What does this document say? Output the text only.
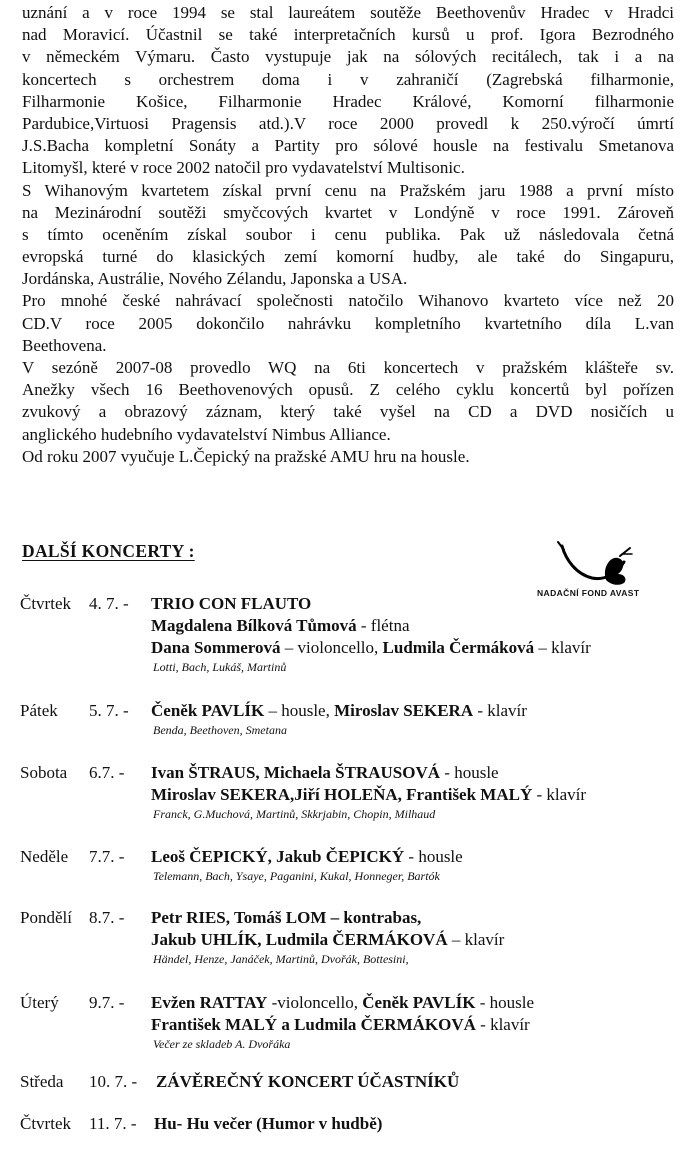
uznání a v roce 1994 se stal laureátem soutěže Beethovenův Hradec v Hradci
nad Moravicí. Účastnil se také interpretačních kursů u prof. Igora Bezrodného
v německém Výmaru. Často vystupuje jak na sólových recitálech, tak i a na
koncertech s orchestrem doma i v zahraničí (Zagrebská filharmonie,
Filharmonie Košice, Filharmonie Hradec Králové, Komorní filharmonie
Pardubice,Virtuosi Pragensis atd.).V roce 2000 provedl k 250.výročí úmrtí
J.S.Bacha kompletní Sonáty a Partity pro sólové housle na festivalu Smetanova
Litomyšl, které v roce 2002 natočil pro vydavatelství Multisonic.
S Wihanovým kvartetem získal první cenu na Pražském jaru 1988 a první místo
na Mezinárodní soutěži smyčcových kvartet v Londýně v roce 1991. Zároveň
s tímto oceněním získal soubor i cenu publika. Pak už následovala četná
evropská turné do klasických zemí komorní hudby, ale také do Singapuru,
Jordánska, Austrálie, Nového Zélandu, Japonska a USA.
Pro mnohé české nahrávací společnosti natočilo Wihanovo kvarteto více než 20
CD.V roce 2005 dokončilo nahrávku kompletního kvartetního díla L.van
Beethovena.
V sezóně 2007-08 provedlo WQ na 6ti koncertech v pražském klášteře sv.
Anežky všech 16 Beethovenových opusů. Z celého cyklu koncertů byl pořízen
zvukový a obrazový záznam, který také vyšel na CD a DVD nosičích u
anglického hudebního vydavatelství Nimbus Alliance.
Od roku 2007 vyučuje L.Čepický na pražské AMU hru na housle.
DALŠÍ KONCERTY :
NADAČNÍ FOND AVAST
Čtvrtek 4. 7. - TRIO CON FLAUTO
Magdalena Bílková Tůmová - flétna
Dana Sommerová – violoncello, Ludmila Čermáková – klavír
Lotti, Bach, Lukáš, Martinů
Pátek 5. 7. - Čeněk PAVLÍK – housle, Miroslav SEKERA - klavír
Benda, Beethoven, Smetana
Sobota 6.7. - Ivan ŠTRAUS, Michaela ŠTRAUSOVÁ - housle
Miroslav SEKERA,Jiří HOLEŇA, František MALÝ - klavír
Franck, G.Muchová, Martinů, Skkrjabin, Chopin, Milhaud
Neděle 7.7. - Leoš ČEPICKÝ, Jakub ČEPICKÝ - housle
Telemann, Bach, Ysaye, Paganini, Kukal, Honneger, Bartók
Pondělí 8.7. - Petr RIES, Tomáš LOM – kontrabas,
Jakub UHLÍK, Ludmila ČERMÁKOVÁ – klavír
Händel, Henze, Janáček, Martinů, Dvořák, Bottesini,
Úterý 9.7. - Evžen RATTAY -violoncello, Čeněk PAVLÍK - housle
František MALÝ a Ludmila ČERMÁKOVÁ - klavír
Večer ze skladeb A. Dvořáka
Středa 10. 7. - ZÁVĚREČNÝ KONCERT ÚČASTNÍKŮ
Čtvrtek 11. 7. - Hu- Hu večer (Humor v hudbě)
